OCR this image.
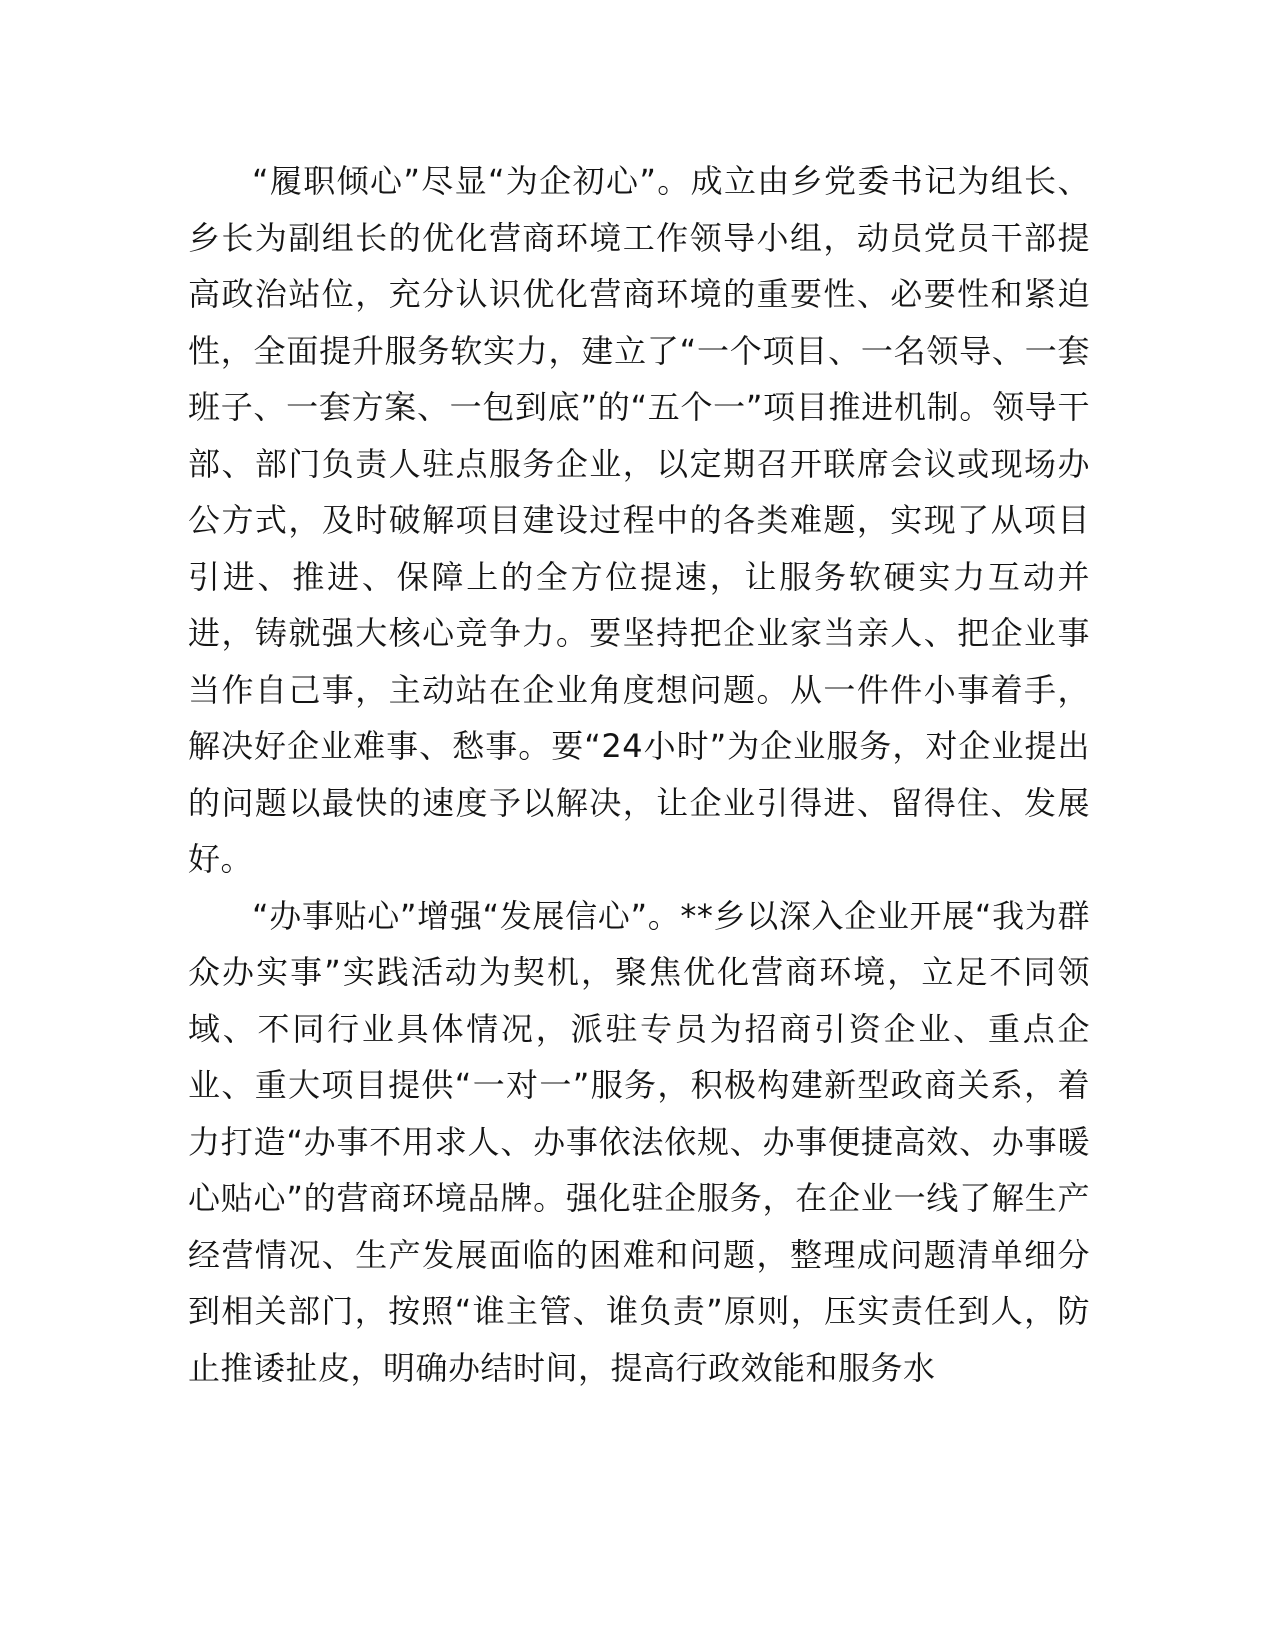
“履职倾心”尽显“为企初心”。成立由乡党委书记为组长、乡长为副组长的优化营商环境工作领导小组，动员党员干部提高政治站位，充分认识优化营商环境的重要性、必要性和紧迫性，全面提升服务软实力，建立了“一个项目、一名领导、一套班子、一套方案、一包到底”的“五个一”项目推进机制。领导干部、部门负责人驻点服务企业，以定期召开联席会议或现场办公方式，及时破解项目建设过程中的各类难题，实现了从项目引进、推进、保障上的全方位提速，让服务软硬实力互动并进，铸就强大核心竞争力。要坚持把企业家当亲人、把企业事当作自己事，主动站在企业角度想问题。从一件件小事着手，解决好企业难事、愁事。要“24小时”为企业服务，对企业提出的问题以最快的速度予以解决，让企业引得进、留得住、发展好。

“办事贴心”增强“发展信心”。**乡以深入企业开展“我为群众办实事”实践活动为契机，聚焦优化营商环境，立足不同领域、不同行业具体情况，派驻专员为招商引资企业、重点企业、重大项目提供“一对一”服务，积极构建新型政商关系，着力打造“办事不用求人、办事依法依规、办事便捷高效、办事暖心贴心”的营商环境品牌。强化驻企服务，在企业一线了解生产经营情况、生产发展面临的困难和问题，整理成问题清单细分到相关部门，按照“谁主管、谁负责”原则，压实责任到人，防止推诿扯皮，明确办结时间，提高行政效能和服务水
